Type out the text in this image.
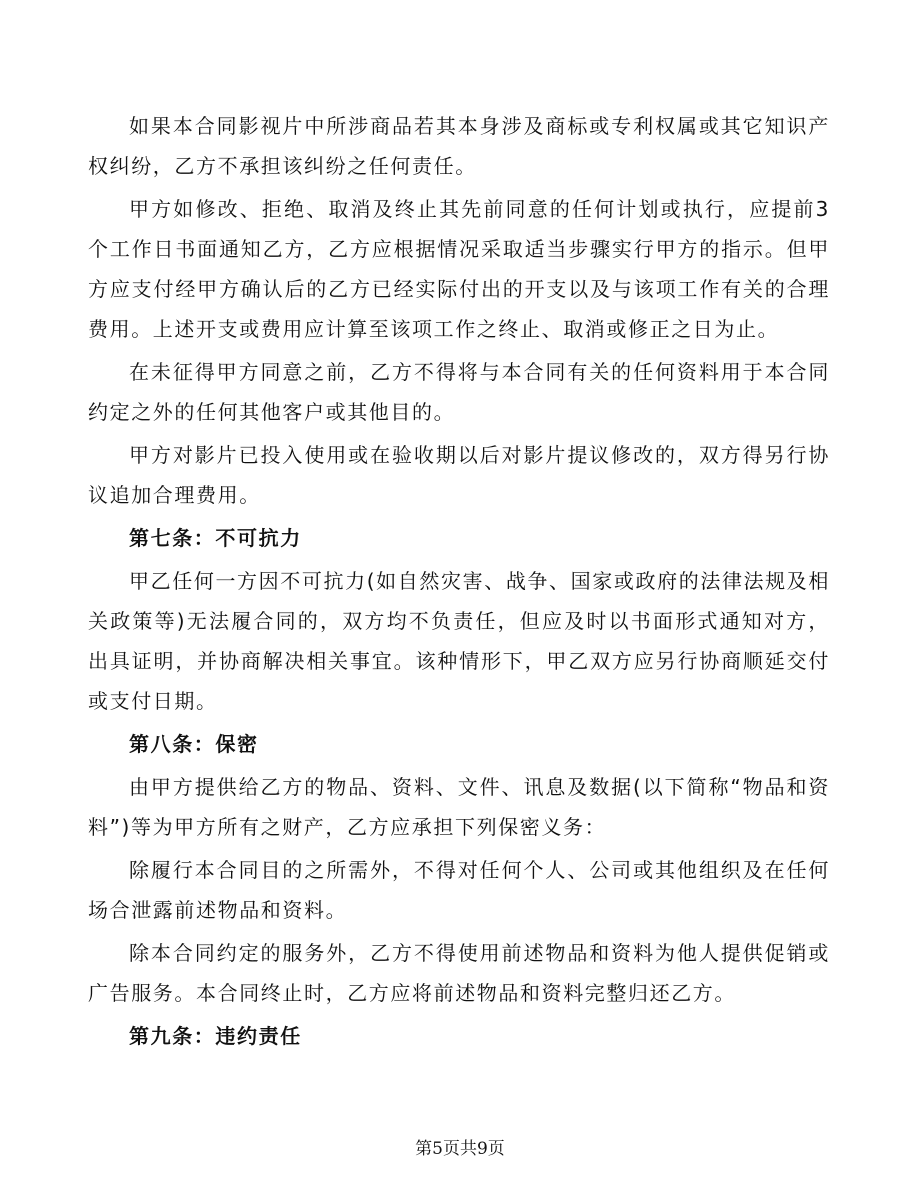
如果本合同影视片中所涉商品若其本身涉及商标或专利权属或其它知识产权纠纷，乙方不承担该纠纷之任何责任。

甲方如修改、拒绝、取消及终止其先前同意的任何计划或执行，应提前3个工作日书面通知乙方，乙方应根据情况采取适当步骤实行甲方的指示。但甲方应支付经甲方确认后的乙方已经实际付出的开支以及与该项工作有关的合理费用。上述开支或费用应计算至该项工作之终止、取消或修正之日为止。

在未征得甲方同意之前，乙方不得将与本合同有关的任何资料用于本合同约定之外的任何其他客户或其他目的。

甲方对影片已投入使用或在验收期以后对影片提议修改的，双方得另行协议追加合理费用。

第七条：不可抗力

甲乙任何一方因不可抗力(如自然灾害、战争、国家或政府的法律法规及相关政策等)无法履合同的，双方均不负责任，但应及时以书面形式通知对方，出具证明，并协商解决相关事宜。该种情形下，甲乙双方应另行协商顺延交付或支付日期。

第八条：保密

由甲方提供给乙方的物品、资料、文件、讯息及数据(以下简称“物品和资料”)等为甲方所有之财产，乙方应承担下列保密义务：

除履行本合同目的之所需外，不得对任何个人、公司或其他组织及在任何场合泄露前述物品和资料。

除本合同约定的服务外，乙方不得使用前述物品和资料为他人提供促销或广告服务。本合同终止时，乙方应将前述物品和资料完整归还乙方。

第九条：违约责任

第5页共9页
